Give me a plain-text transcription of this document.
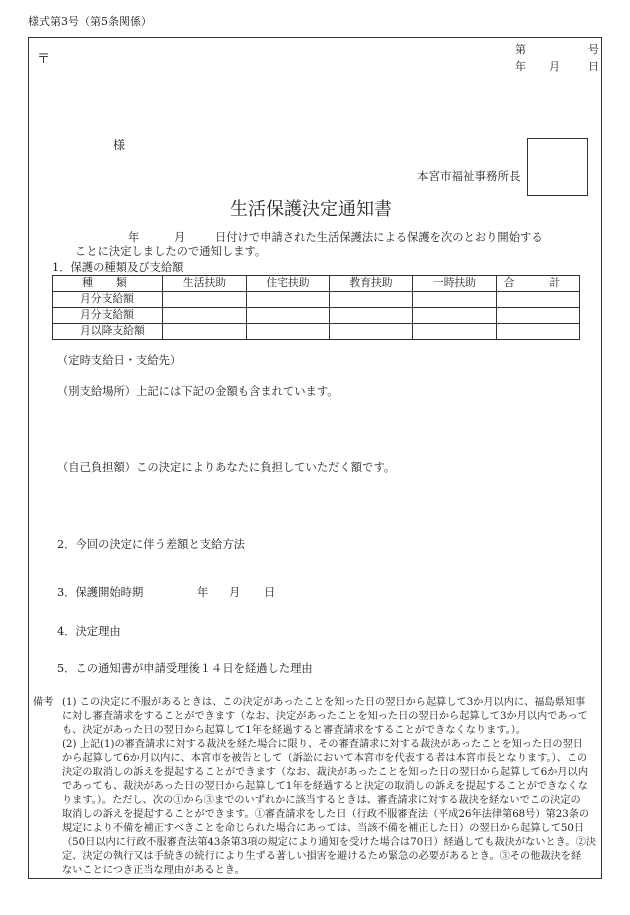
様式第3号（第5条関係）
〒
第	号
年 月	日
様
本宮市福祉事務所長
生活保護決定通知書
年	月	日付けで申請された生活保護法による保護を次のとおり開始する
ことに決定しましたので通知します。
1．保護の種類及び支給額
種　類	生活扶助	住宅扶助	教育扶助	一時扶助	合　計
月分支給額					
月分支給額					
月以降支給額					
（定時支給日・支給先）
（別支給場所）上記には下記の金額も含まれています。
（自己負担額）この決定によりあなたに負担していただく額です。
2．今回の決定に伴う差額と支給方法
3．保護開始時期	年 月 日
4．決定理由
5．この通知書が申請受理後１４日を経過した理由
備考 (1) この決定に不服があるときは、この決定があったことを知った日の翌日から起算して3か月以内に、福島県知事
に対し審査請求をすることができます（なお、決定があったことを知った日の翌日から起算して3か月以内であって
も、決定があった日の翌日から起算して1年を経過すると審査請求をすることができなくなります。）。
(2) 上記(1)の審査請求に対する裁決を経た場合に限り、その審査請求に対する裁決があったことを知った日の翌日
から起算して6か月以内に、本宮市を被告として（訴訟において本宮市を代表する者は本宮市長となります。）、この
決定の取消しの訴えを提起することができます（なお、裁決があったことを知った日の翌日から起算して6か月以内
であっても、裁決があった日の翌日から起算して1年を経過すると決定の取消しの訴えを提起することができなくな
ります。）。ただし、次の①から③までのいずれかに該当するときは、審査請求に対する裁決を経ないでこの決定の
取消しの訴えを提起することができます。①審査請求をした日（行政不服審査法（平成26年法律第68号）第23条の
規定により不備を補正すべきことを命じられた場合にあっては、当該不備を補正した日）の翌日から起算して50日
（50日以内に行政不服審査法第43条第3項の規定により通知を受けた場合は70日）経過しても裁決がないとき。②決
定、決定の執行又は手続きの続行により生ずる著しい損害を避けるため緊急の必要があるとき。③その他裁決を経
ないことにつき正当な理由があるとき。
